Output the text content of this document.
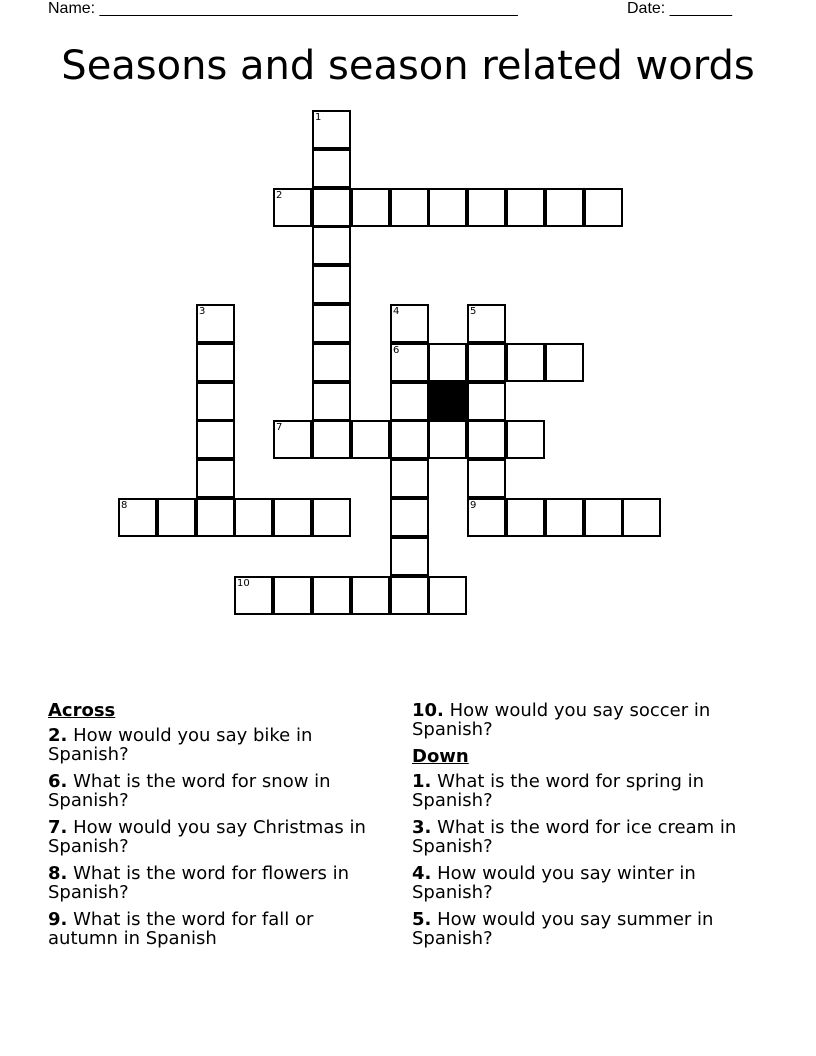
Name: _______________________________________________	Date: _______
Seasons and season related words
1
2
3	4	5
6
7
8	9
10
Across
2. How would you say bike in Spanish?
6. What is the word for snow in Spanish?
7. How would you say Christmas in Spanish?
8. What is the word for flowers in Spanish?
9. What is the word for fall or autumn in Spanish
10. How would you say soccer in Spanish?
Down
1. What is the word for spring in Spanish?
3. What is the word for ice cream in Spanish?
4. How would you say winter in Spanish?
5. How would you say summer in Spanish?
